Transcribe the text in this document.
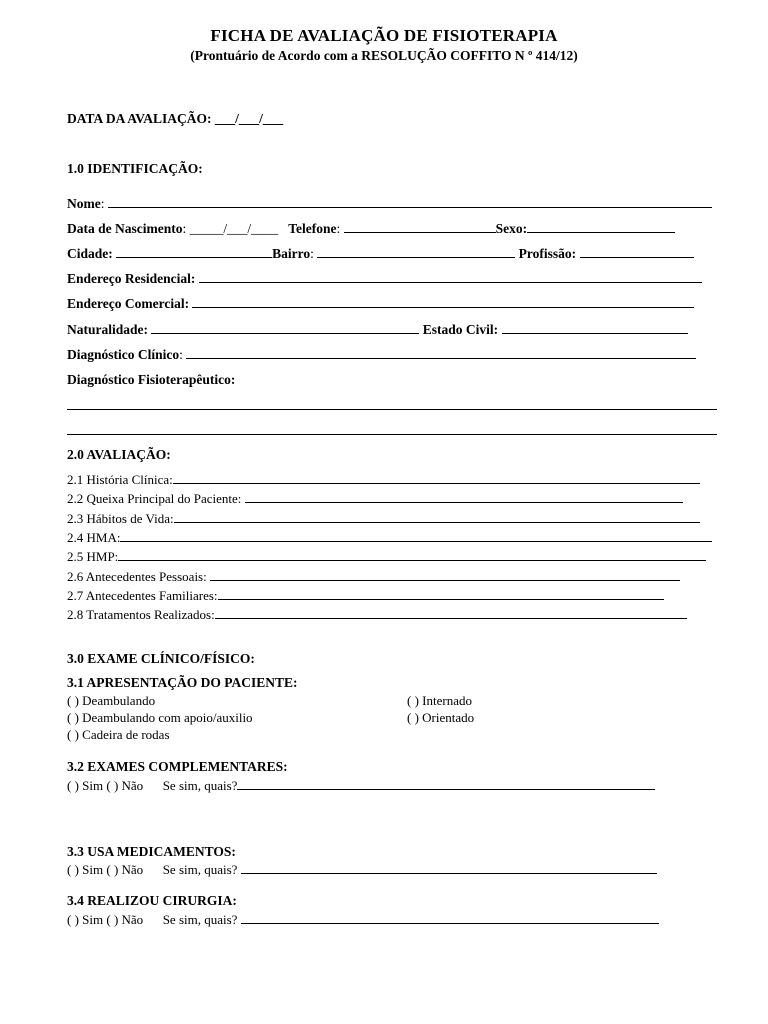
FICHA DE AVALIAÇÃO DE FISIOTERAPIA
(Prontuário de Acordo com a RESOLUÇÃO COFFITO N º 414/12)
DATA DA AVALIAÇÃO: ___/___/___
1.0 IDENTIFICAÇÃO:
Nome:
Data de Nascimento: _____/___/____ Telefone:	Sexo:
Cidade:	Bairro:	Profissão:
Endereço Residencial:
Endereço Comercial:
Naturalidade:	Estado Civil:
Diagnóstico Clínico:
Diagnóstico Fisioterapêutico:
2.0 AVALIAÇÃO:
2.1 História Clínica:
2.2 Queixa Principal do Paciente:
2.3 Hábitos de Vida:
2.4 HMA:
2.5 HMP:
2.6 Antecedentes Pessoais:
2.7 Antecedentes Familiares:
2.8 Tratamentos Realizados:
3.0 EXAME CLÍNICO/FÍSICO:
3.1 APRESENTAÇÃO DO PACIENTE:
( ) Deambulando
( ) Deambulando com apoio/auxilio
( ) Cadeira de rodas
( ) Internado
( ) Orientado
3.2 EXAMES COMPLEMENTARES:
( ) Sim ( ) Não Se sim, quais?
3.3 USA MEDICAMENTOS:
( ) Sim ( ) Não Se sim, quais?
3.4 REALIZOU CIRURGIA:
( ) Sim ( ) Não Se sim, quais?
